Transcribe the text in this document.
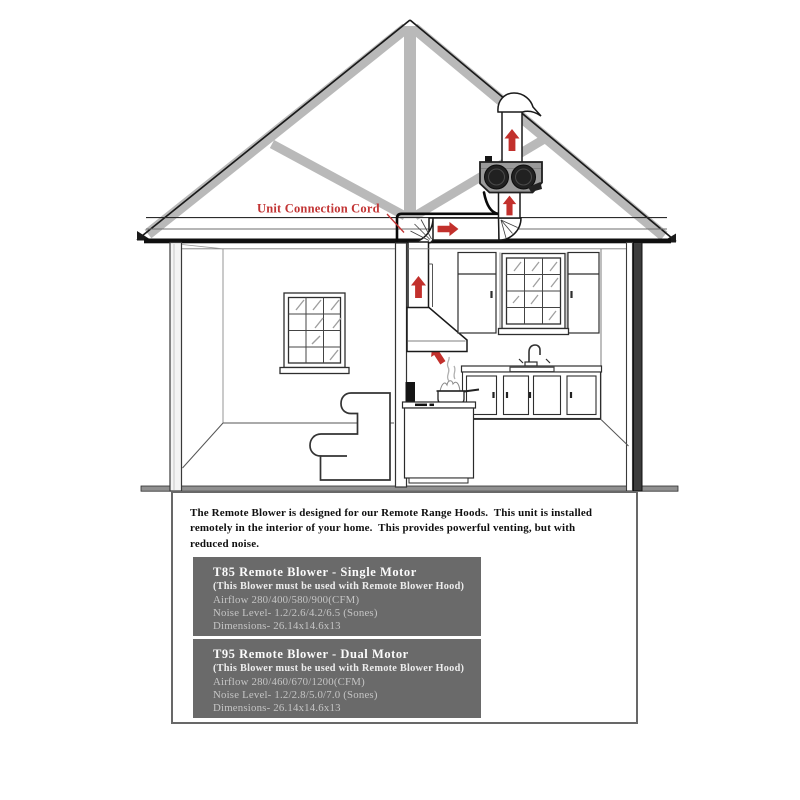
Unit Connection Cord
The Remote Blower is designed for our Remote Range Hoods.  This unit is installed
remotely in the interior of your home.  This provides powerful venting, but with
reduced noise.
T85 Remote Blower - Single Motor
(This Blower must be used with Remote Blower Hood)
Airflow 280/400/580/900(CFM)
Noise Level- 1.2/2.6/4.2/6.5 (Sones)
Dimensions- 26.14x14.6x13
T95 Remote Blower - Dual Motor
(This Blower must be used with Remote Blower Hood)
Airflow 280/460/670/1200(CFM)
Noise Level- 1.2/2.8/5.0/7.0 (Sones)
Dimensions- 26.14x14.6x13
